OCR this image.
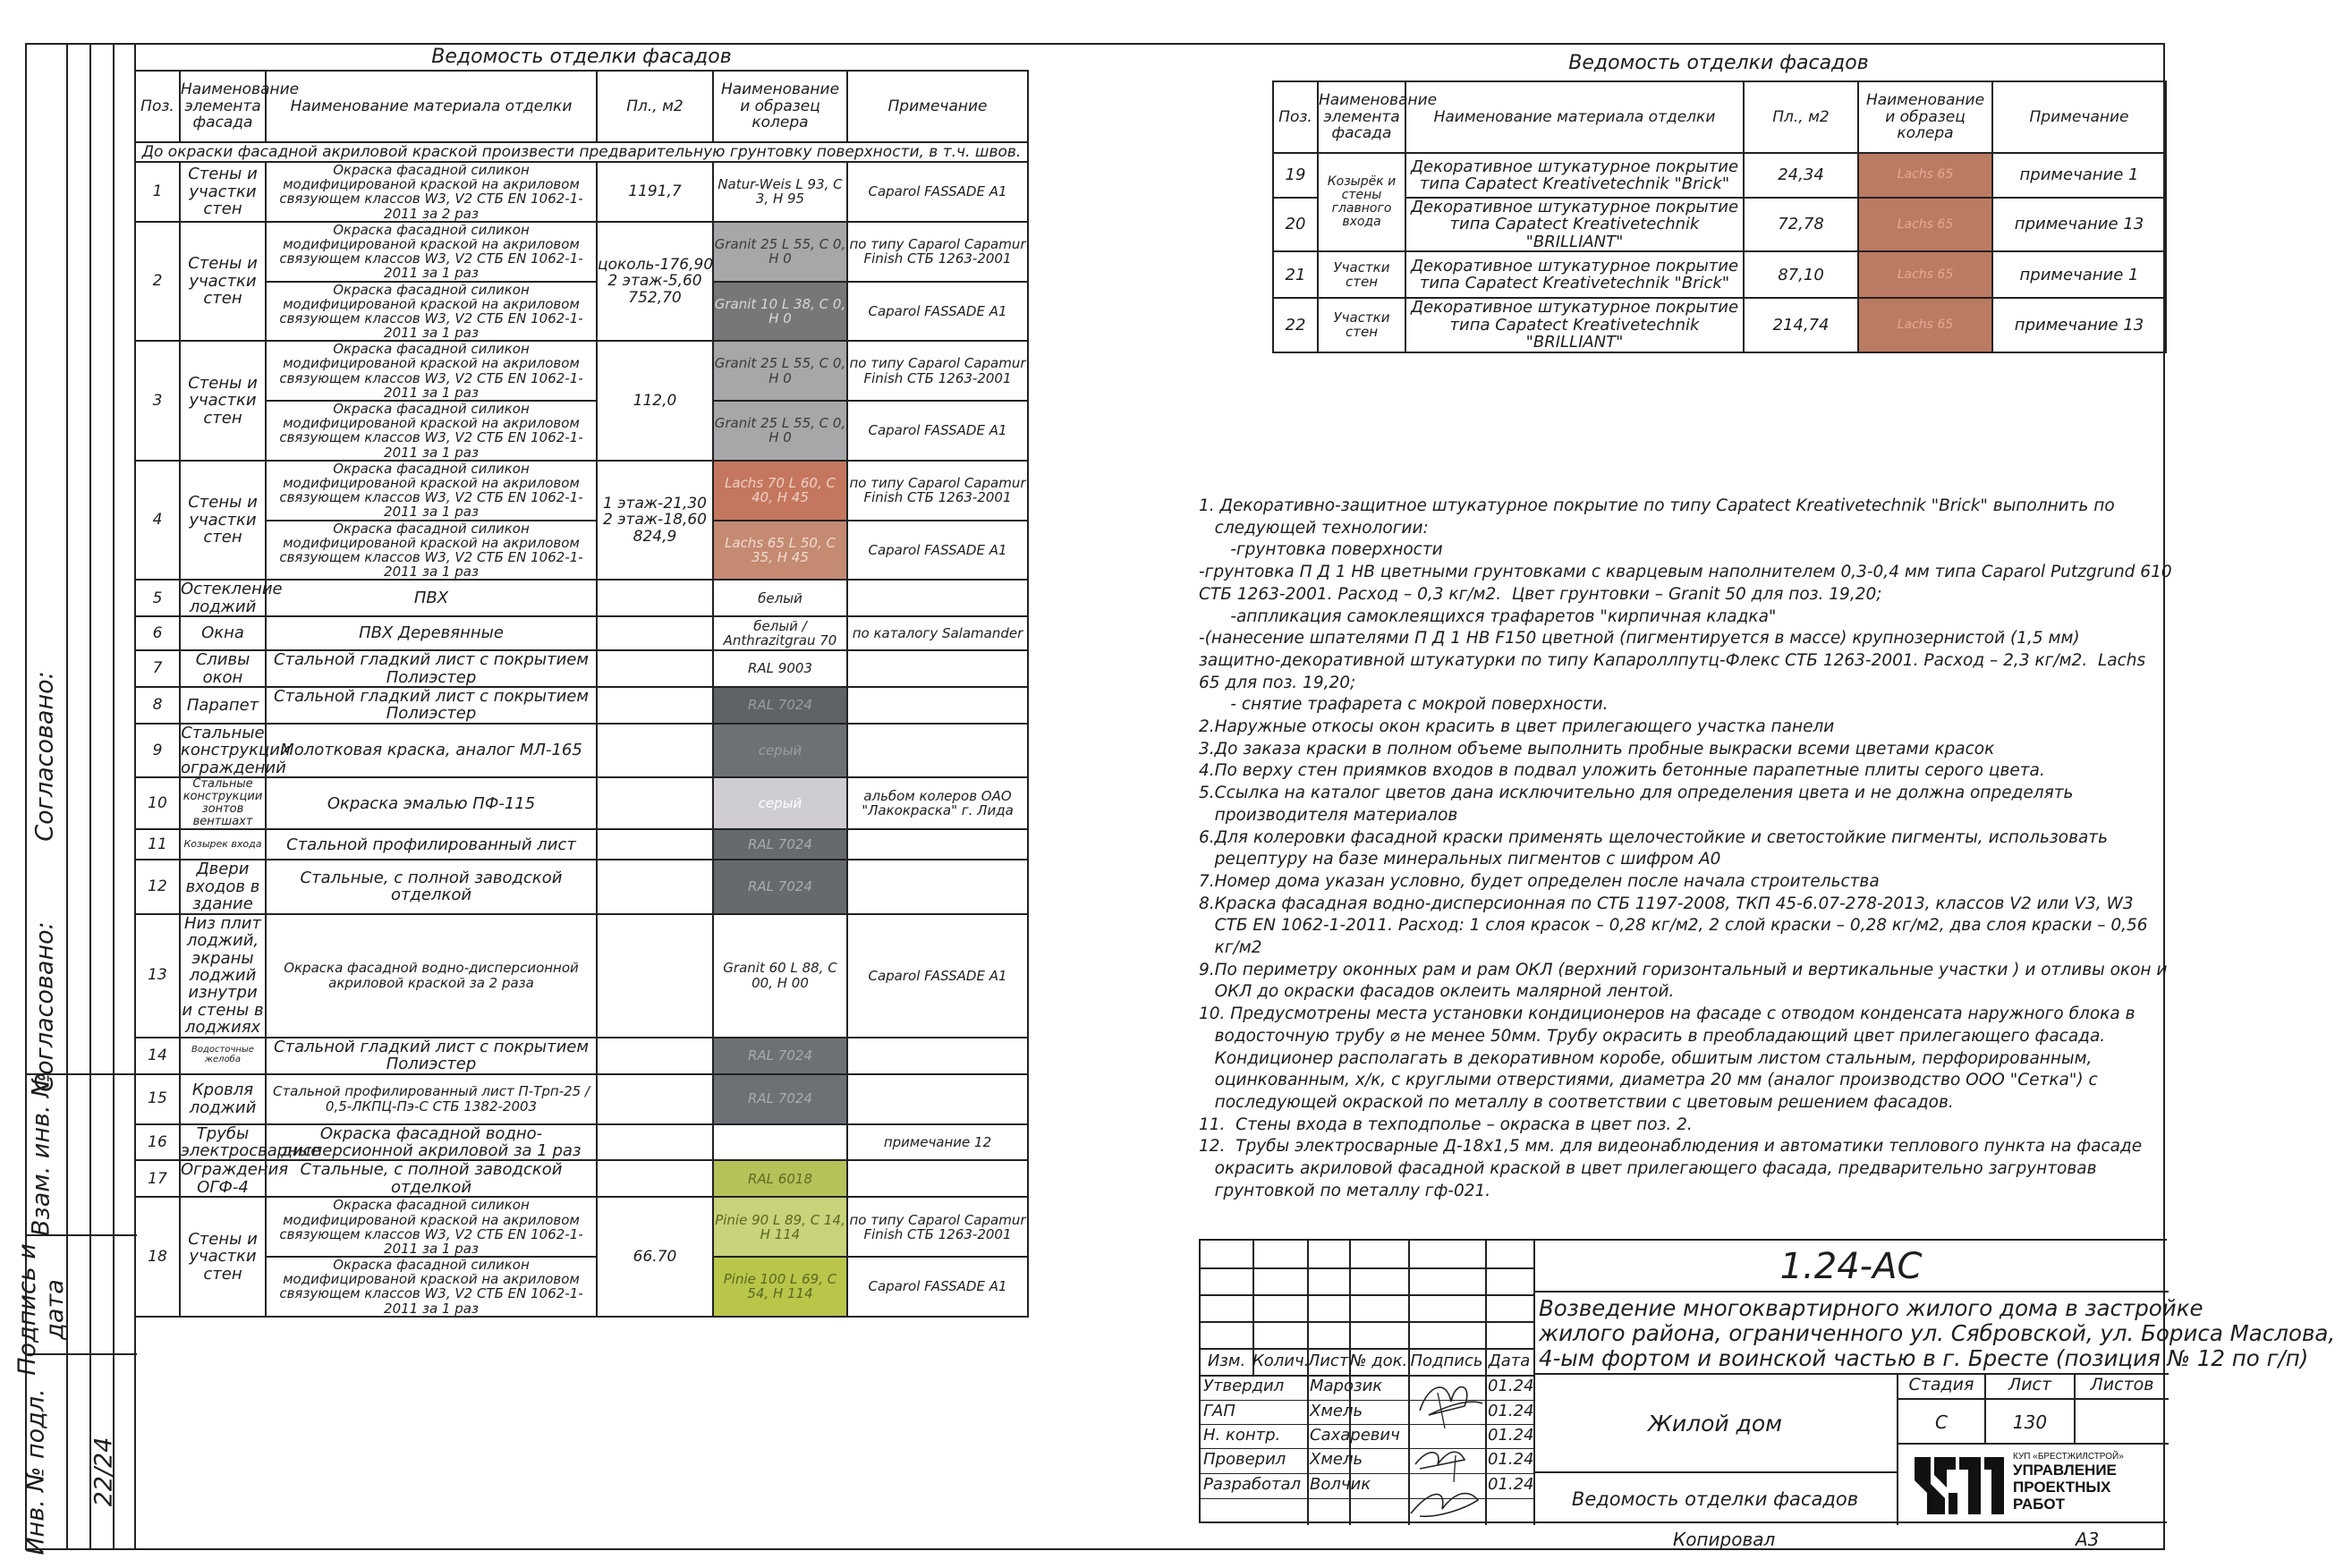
Согласовано:
Согласовано:
Взам. инв. №
Подпись и дата
Инв. № подл. 22/24
Ведомость отделки фасадов
Поз.	Наименование элемента фасада	Наименование материала отделки	Пл., м2	Наименование и образец колера	Примечание
До окраски фасадной акриловой краской произвести предварительную грунтовку поверхности, в т.ч. швов.					
1	Стены и участки стен	Окраска фасадной силикон модифицированой краской на акриловом связующем классов W3, V2 СТБ EN 1062-1-2011 за 2 раз	1191,7	Natur-Weis L 93, C 3, H 95	Caparol FASSADE A1
2	Стены и участки стен	Окраска фасадной силикон модифицированой краской на акриловом связующем классов W3, V2 СТБ EN 1062-1-2011 за 1 раз	цоколь-176,90 2 этаж-5,60 752,70	Granit 25 L 55, C 0, H 0	по типу Caparol Capamur Finish СТБ 1263-2001
		Окраска фасадной силикон модифицированой краской на акриловом связующем классов W3, V2 СТБ EN 1062-1-2011 за 1 раз		Granit 10 L 38, C 0, H 0	Caparol FASSADE A1
3	Стены и участки стен	Окраска фасадной силикон модифицированой краской на акриловом связующем классов W3, V2 СТБ EN 1062-1-2011 за 1 раз	112,0	Granit 25 L 55, C 0, H 0	по типу Caparol Capamur Finish СТБ 1263-2001
		Окраска фасадной силикон модифицированой краской на акриловом связующем классов W3, V2 СТБ EN 1062-1-2011 за 1 раз		Granit 25 L 55, C 0, H 0	Caparol FASSADE A1
4	Стены и участки стен	Окраска фасадной силикон модифицированой краской на акриловом связующем классов W3, V2 СТБ EN 1062-1-2011 за 1 раз	1 этаж-21,30 2 этаж-18,60 824,9	Lachs 70 L 60, C 40, H 45	по типу Caparol Capamur Finish СТБ 1263-2001
		Окраска фасадной силикон модифицированой краской на акриловом связующем классов W3, V2 СТБ EN 1062-1-2011 за 1 раз		Lachs 65 L 50, C 35, H 45	Caparol FASSADE A1
5	Остекление лоджий	ПВХ		белый	
6	Окна	ПВХ Деревянные		белый / Anthrazitgrau 70	по каталогу Salamander
7	Сливы окон	Стальной гладкий лист с покрытием Полиэстер		RAL 9003	
8	Парапет	Стальной гладкий лист с покрытием Полиэстер		RAL 7024	
9	Стальные конструкции ограждений	Молотковая краска, аналог МЛ-165		серый	
10	Стальные конструкции зонтов вентшахт	Окраска эмалью ПФ-115		серый	альбом колеров ОАО "Лакокраска" г. Лида
11	Козырек входа	Стальной профилированный лист		RAL 7024	
12	Двери входов в здание	Стальные, с полной заводской отделкой		RAL 7024	
13	Низ плит лоджий, экраны лоджий изнутри и стены в лоджиях	Окраска фасадной водно-дисперсионной акриловой краской за 2 раза		Granit 60 L 88, C 00, H 00	Caparol FASSADE A1
14	Водосточные желоба	Стальной гладкий лист с покрытием Полиэстер		RAL 7024	
15	Кровля лоджий	Стальной профилированный лист П-Трп-25 / 0,5-ЛКПЦ-Пэ-С СТБ 1382-2003		RAL 7024	
16	Трубы электросварные	Окраска фасадной водно-дисперсионной акриловой за 1 раз			примечание 12
17	Ограждения ОГФ-4	Стальные, с полной заводской отделкой		RAL 6018	
18	Стены и участки стен	Окраска фасадной силикон модифицированой краской на акриловом связующем классов W3, V2 СТБ EN 1062-1-2011 за 1 раз	66.70	Pinie 90 L 89, C 14, H 114	по типу Caparol Capamur Finish СТБ 1263-2001
		Окраска фасадной силикон модифицированой краской на акриловом связующем классов W3, V2 СТБ EN 1062-1-2011 за 1 раз		Pinie 100 L 69, C 54, H 114	Caparol FASSADE A1
Ведомость отделки фасадов
Поз.	Наименование элемента фасада	Наименование материала отделки	Пл., м2	Наименование и образец колера	Примечание
19	Козырёк и стены главного входа	Декоративное штукатурное покрытие типа Capatect Kreativetechnik "Brick"	24,34	Lachs 65	примечание 1
20		Декоративное штукатурное покрытие типа Capatect Kreativetechnik "BRILLIANT"	72,78	Lachs 65	примечание 13
21	Участки стен	Декоративное штукатурное покрытие типа Capatect Kreativetechnik "Brick"	87,10	Lachs 65	примечание 1
22	Участки стен	Декоративное штукатурное покрытие типа Capatect Kreativetechnik "BRILLIANT"	214,74	Lachs 65	примечание 13

1. Декоративно-защитное штукатурное покрытие по типу Capatect Kreativetechnik "Brick" выполнить по

следующей технологии:

-грунтовка поверхности

-грунтовка П Д 1 НВ цветными грунтовками с кварцевым наполнителем 0,3-0,4 мм типа Caparol Putzgrund 610

СТБ 1263-2001. Расход – 0,3 кг/м2.  Цвет грунтовки – Granit 50 для поз. 19,20;

-аппликация самоклеящихся трафаретов "кирпичная кладка"

-(нанесение шпателями П Д 1 НВ F150 цветной (пигментируется в массе) крупнозернистой (1,5 мм)

защитно-декоративной штукатурки по типу Капароллпутц-Флекс СТБ 1263-2001. Расход – 2,3 кг/м2.  Lachs

65 для поз. 19,20;

- снятие трафарета с мокрой поверхности.

2.Наружные откосы окон красить в цвет прилегающего участка панели

3.До заказа краски в полном объеме выполнить пробные выкраски всеми цветами красок

4.По верху стен приямков входов в подвал уложить бетонные парапетные плиты серого цвета.

5.Ссылка на каталог цветов дана исключительно для определения цвета и не должна определять

производителя материалов

6.Для колеровки фасадной краски применять щелочестойкие и светостойкие пигменты, использовать

рецептуру на базе минеральных пигментов с шифром А0

7.Номер дома указан условно, будет определен после начала строительства

8.Краска фасадная водно-дисперсионная по СТБ 1197-2008, ТКП 45-6.07-278-2013, классов V2 или V3, W3

СТБ EN 1062-1-2011. Расход: 1 слоя красок – 0,28 кг/м2, 2 слой краски – 0,28 кг/м2, два слоя краски – 0,56

кг/м2

9.По периметру оконных рам и рам ОКЛ (верхний горизонтальный и вертикальные участки ) и отливы окон и

ОКЛ до окраски фасадов оклеить малярной лентой.

10. Предусмотрены места установки кондиционеров на фасаде с отводом конденсата наружного блока в

водосточную трубу ⌀ не менее 50мм. Трубу окрасить в преобладающий цвет прилегающего фасада.

Кондиционер располагать в декоративном коробе, обшитым листом стальным, перфорированным,

оцинкованным, х/к, с круглыми отверстиями, диаметра 20 мм (аналог производство ООО "Сетка") с

последующей окраской по металлу в соответствии с цветовым решением фасадов.

11.  Стены входа в техподполье – окраска в цвет поз. 2.

12.  Трубы электросварные Д-18х1,5 мм. для видеонаблюдения и автоматики теплового пункта на фасаде

окрасить акриловой фасадной краской в цвет прилегающего фасада, предварительно загрунтовав

грунтовкой по металлу гф-021.

Изм. Колич.
Лист № док. Подпись Дата
Утвердил	Марозик	01.24
ГАП	Хмель	01.24
Н. контр.	Сахаревич	01.24
Проверил	Хмель	01.24
Разработал Волчик	01.24
1.24-АС
Возведение многоквартирного жилого дома в застройке
жилого района, ограниченного ул. Сябровской, ул. Бориса Маслова,
4-ым фортом и воинской частью в г. Бресте (позиция № 12 по г/п)
Жилой дом
Ведомость отделки фасадов
Стадия	Лист	Листов
С	130
КУП «БРЕСТЖИЛСТРОЙ»
УПРАВЛЕНИЕ
ПРОЕКТНЫХ
РАБОТ
Копировал	А3
